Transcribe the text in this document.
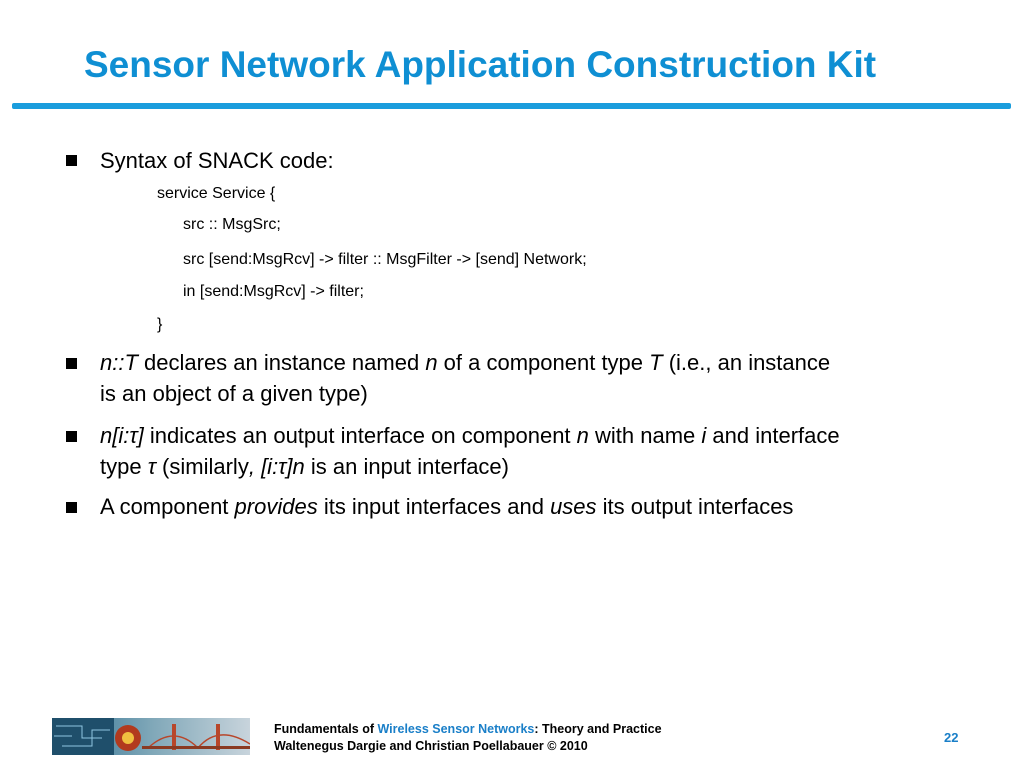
Sensor Network Application Construction Kit
Syntax of SNACK code:
service Service {
src :: MsgSrc;
src [send:MsgRcv] -> filter :: MsgFilter -> [send] Network;
in [send:MsgRcv] -> filter;
}
n::T declares an instance named n of a component type T (i.e., an instance
is an object of a given type)
n[i:τ] indicates an output interface on component n with name i and interface
type τ (similarly, [i:τ]n is an input interface)
A component provides its input interfaces and uses its output interfaces
Fundamentals of Wireless Sensor Networks: Theory and Practice
Waltenegus Dargie and Christian Poellabauer © 2010
22
